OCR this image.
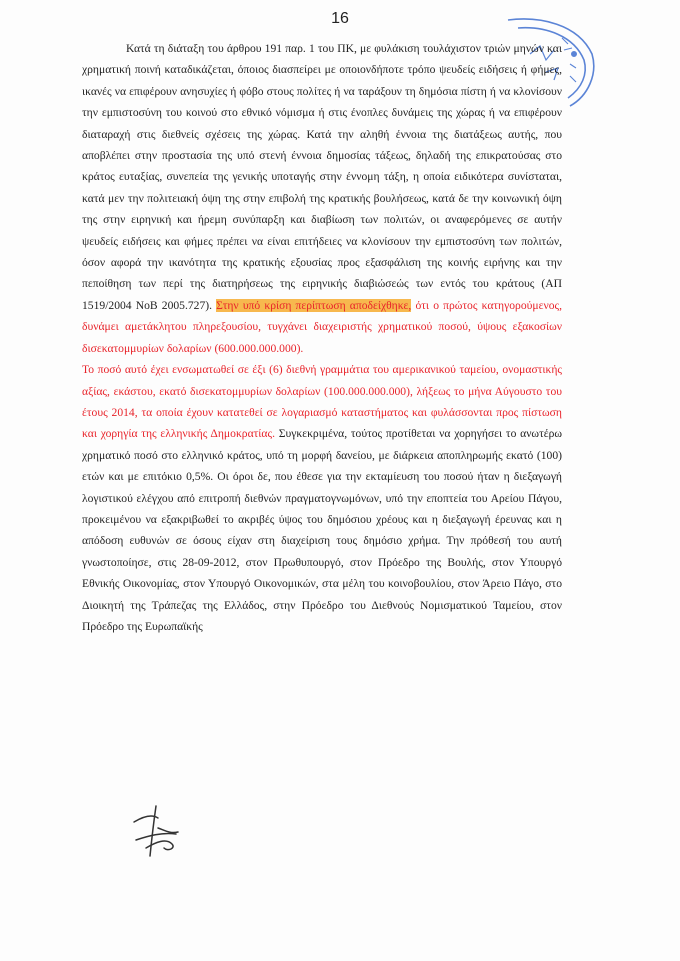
16

Κατά τη διάταξη του άρθρου 191 παρ. 1 του ΠΚ, με φυλάκιση τουλάχιστον τριών μηνών και χρηματική ποινή καταδικάζεται, όποιος διασπείρει με οποιονδήποτε τρόπο ψευδείς ειδήσεις ή φήμες, ικανές να επιφέρουν ανησυχίες ή φόβο στους πολίτες ή να ταράξουν τη δημόσια πίστη ή να κλονίσουν την εμπιστοσύνη του κοινού στο εθνικό νόμισμα ή στις ένοπλες δυνάμεις της χώρας ή να επιφέρουν διαταραχή στις διεθνείς σχέσεις της χώρας. Κατά την αληθή έννοια της διατάξεως αυτής, που αποβλέπει στην προστασία της υπό στενή έννοια δημοσίας τάξεως, δηλαδή της επικρατούσας στο κράτος ευταξίας, συνεπεία της γενικής υποταγής στην έννομη τάξη, η οποία ειδικότερα συνίσταται, κατά μεν την πολιτειακή όψη της στην επιβολή της κρατικής βουλήσεως, κατά δε την κοινωνική όψη της στην ειρηνική και ήρεμη συνύπαρξη και διαβίωση των πολιτών, οι αναφερόμενες σε αυτήν ψευδείς ειδήσεις και φήμες πρέπει να είναι επιτήδειες να κλονίσουν την εμπιστοσύνη των πολιτών, όσον αφορά την ικανότητα της κρατικής εξουσίας προς εξασφάλιση της κοινής ειρήνης και την πεποίθηση των περί της διατηρήσεως της ειρηνικής διαβιώσεώς των εντός του κράτους (ΑΠ 1519/2004 ΝοΒ 2005.727). Στην υπό κρίση περίπτωση αποδείχθηκε, ότι ο πρώτος κατηγορούμενος, δυνάμει αμετάκλητου πληρεξουσίου, τυγχάνει διαχειριστής χρηματικού ποσού, ύψους εξακοσίων δισεκατομμυρίων δολαρίων (600.000.000.000).

Το ποσό αυτό έχει ενσωματωθεί σε έξι (6) διεθνή γραμμάτια του αμερικανικού ταμείου, ονομαστικής αξίας, εκάστου, εκατό δισεκατομμυρίων δολαρίων (100.000.000.000), λήξεως το μήνα Αύγουστο του έτους 2014, τα οποία έχουν κατατεθεί σε λογαριασμό καταστήματος και φυλάσσονται προς πίστωση και χορηγία της ελληνικής Δημοκρατίας. Συγκεκριμένα, τούτος προτίθεται να χορηγήσει το ανωτέρω χρηματικό ποσό στο ελληνικό κράτος, υπό τη μορφή δανείου, με διάρκεια αποπληρωμής εκατό (100) ετών και με επιτόκιο 0,5%. Οι όροι δε, που έθεσε για την εκταμίευση του ποσού ήταν η διεξαγωγή λογιστικού ελέγχου από επιτροπή διεθνών πραγματογνωμόνων, υπό την εποπτεία του Αρείου Πάγου, προκειμένου να εξακριβωθεί το ακριβές ύψος του δημόσιου χρέους και η διεξαγωγή έρευνας και η απόδοση ευθυνών σε όσους είχαν στη διαχείριση τους δημόσιο χρήμα. Την πρόθεσή του αυτή γνωστοποίησε, στις 28-09-2012, στον Πρωθυπουργό, στον Πρόεδρο της Βουλής, στον Υπουργό Εθνικής Οικονομίας, στον Υπουργό Οικονομικών, στα μέλη του κοινοβουλίου, στον Άρειο Πάγο, στο Διοικητή της Τράπεζας της Ελλάδος, στην Πρόεδρο του Διεθνούς Νομισματικού Ταμείου, στον Πρόεδρο της Ευρωπαϊκής
